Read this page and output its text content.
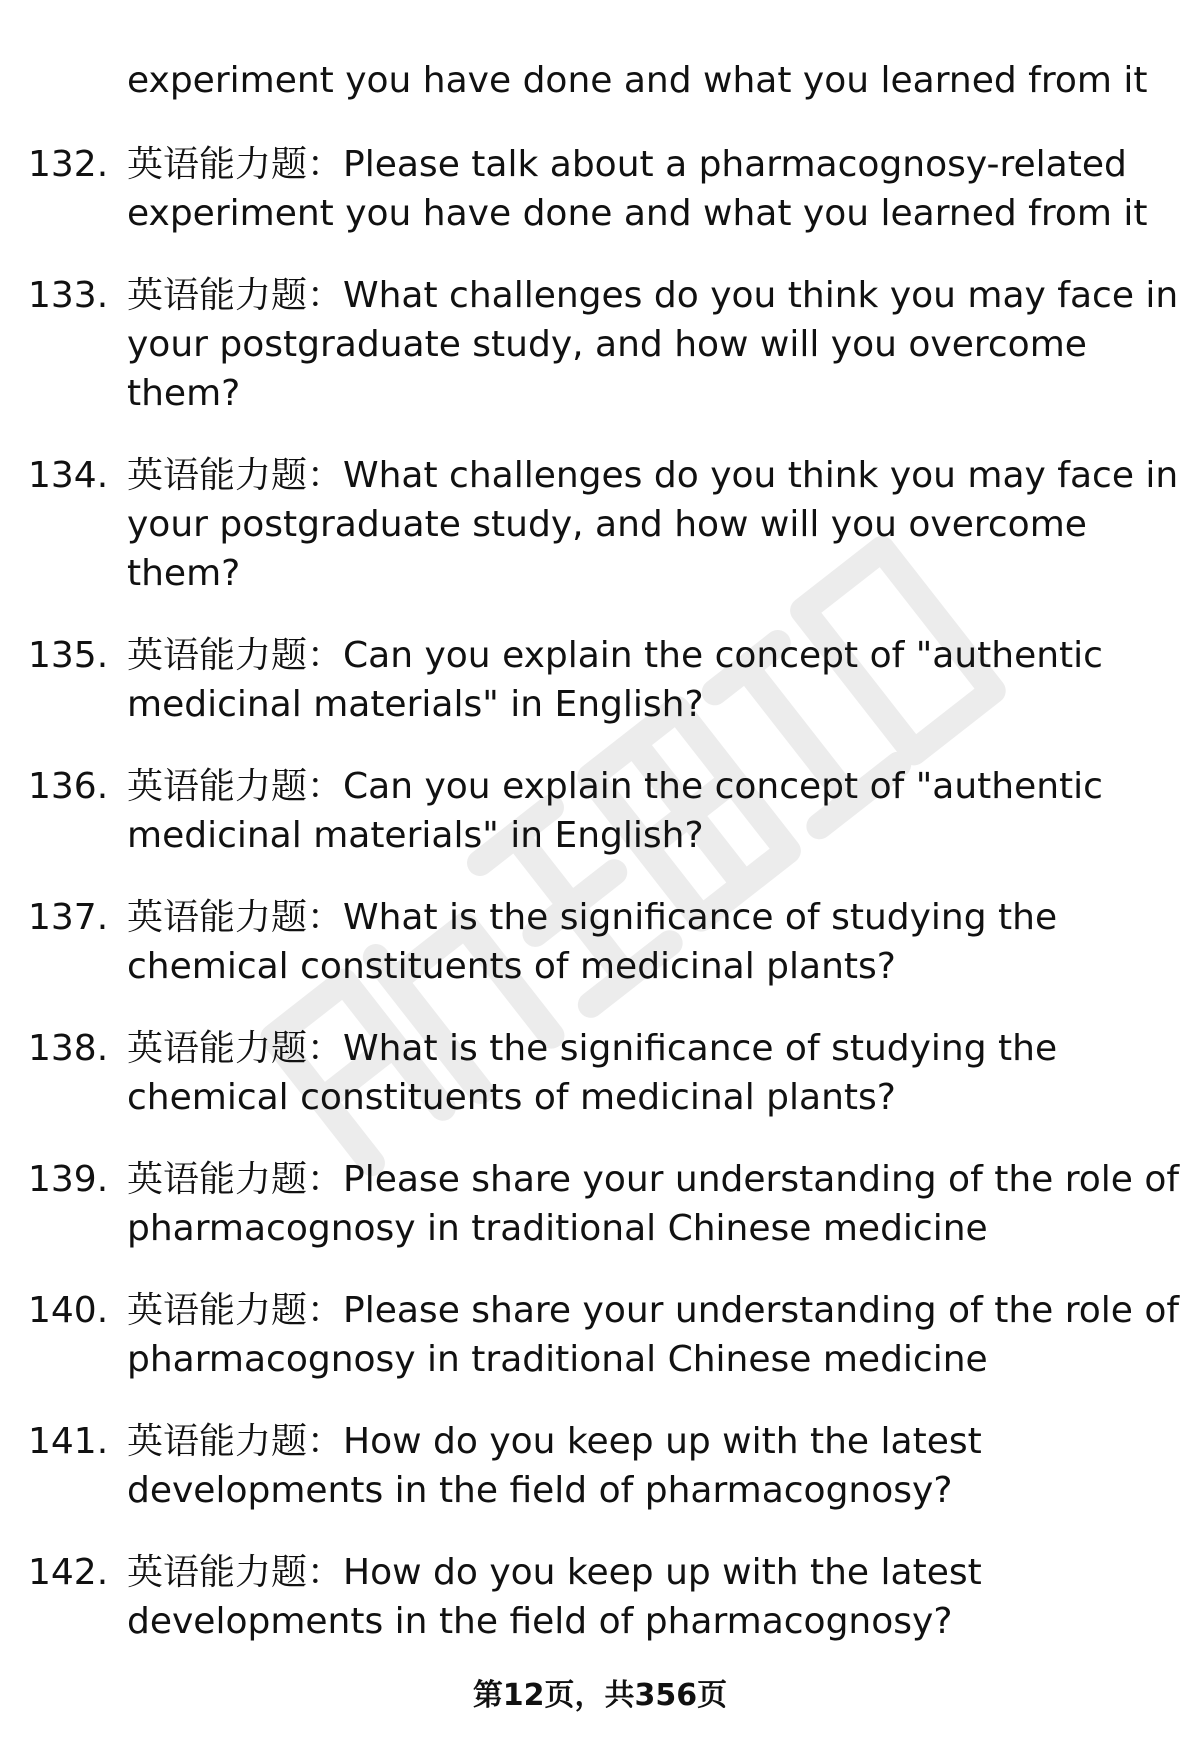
experiment you have done and what you learned from it
132. 英语能力题：Please talk about a pharmacognosy-related
experiment you have done and what you learned from it
133. 英语能力题：What challenges do you think you may face in
your postgraduate study, and how will you overcome
them?
134. 英语能力题：What challenges do you think you may face in
your postgraduate study, and how will you overcome
them?
135. 英语能力题：Can you explain the concept of "authentic
medicinal materials" in English?
136. 英语能力题：Can you explain the concept of "authentic
medicinal materials" in English?
137. 英语能力题：What is the significance of studying the
chemical constituents of medicinal plants?
138. 英语能力题：What is the significance of studying the
chemical constituents of medicinal plants?
139. 英语能力题：Please share your understanding of the role of
pharmacognosy in traditional Chinese medicine
140. 英语能力题：Please share your understanding of the role of
pharmacognosy in traditional Chinese medicine
141. 英语能力题：How do you keep up with the latest
developments in the field of pharmacognosy?
142. 英语能力题：How do you keep up with the latest
developments in the field of pharmacognosy?
第12页，共356页
